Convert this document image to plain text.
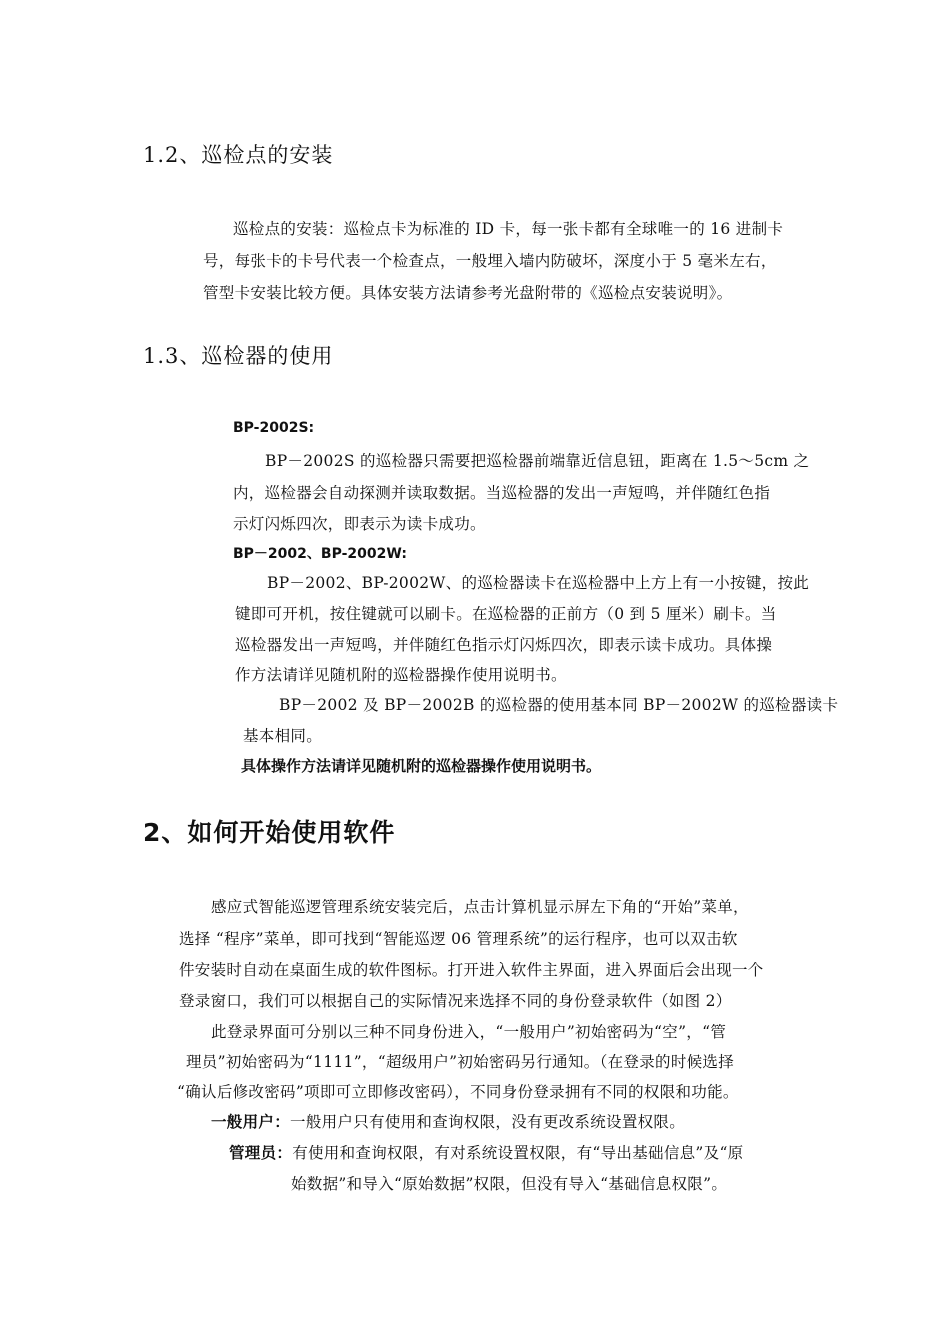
1.2、巡检点的安装
巡检点的安装：巡检点卡为标准的 ID 卡，每一张卡都有全球唯一的 16 进制卡
号，每张卡的卡号代表一个检查点，一般埋入墙内防破坏，深度小于 5 毫米左右，
管型卡安装比较方便。具体安装方法请参考光盘附带的《巡检点安装说明》。
1.3、巡检器的使用
BP-2002S:
BP－2002S 的巡检器只需要把巡检器前端靠近信息钮，距离在 1.5～5cm 之
内，巡检器会自动探测并读取数据。当巡检器的发出一声短鸣，并伴随红色指
示灯闪烁四次，即表示为读卡成功。
BP－2002、BP-2002W:
BP－2002、BP-2002W、的巡检器读卡在巡检器中上方上有一小按键，按此
键即可开机，按住键就可以刷卡。在巡检器的正前方（0 到 5 厘米）刷卡。当
巡检器发出一声短鸣，并伴随红色指示灯闪烁四次，即表示读卡成功。具体操
作方法请详见随机附的巡检器操作使用说明书。
BP－2002 及 BP－2002B 的巡检器的使用基本同 BP－2002W 的巡检器读卡
基本相同。
具体操作方法请详见随机附的巡检器操作使用说明书。
2、如何开始使用软件
感应式智能巡逻管理系统安装完后，点击计算机显示屏左下角的“开始”菜单，
选择 “程序”菜单，即可找到“智能巡逻 06 管理系统”的运行程序，也可以双击软
件安装时自动在桌面生成的软件图标。打开进入软件主界面，进入界面后会出现一个
登录窗口，我们可以根据自己的实际情况来选择不同的身份登录软件（如图 2）
此登录界面可分别以三种不同身份进入，“一般用户”初始密码为“空”，“管
理员”初始密码为“1111”，“超级用户”初始密码另行通知。（在登录的时候选择
“确认后修改密码”项即可立即修改密码），不同身份登录拥有不同的权限和功能。
一般用户：一般用户只有使用和查询权限，没有更改系统设置权限。
管理员：有使用和查询权限，有对系统设置权限，有“导出基础信息”及“原
始数据”和导入“原始数据”权限，但没有导入“基础信息权限”。
